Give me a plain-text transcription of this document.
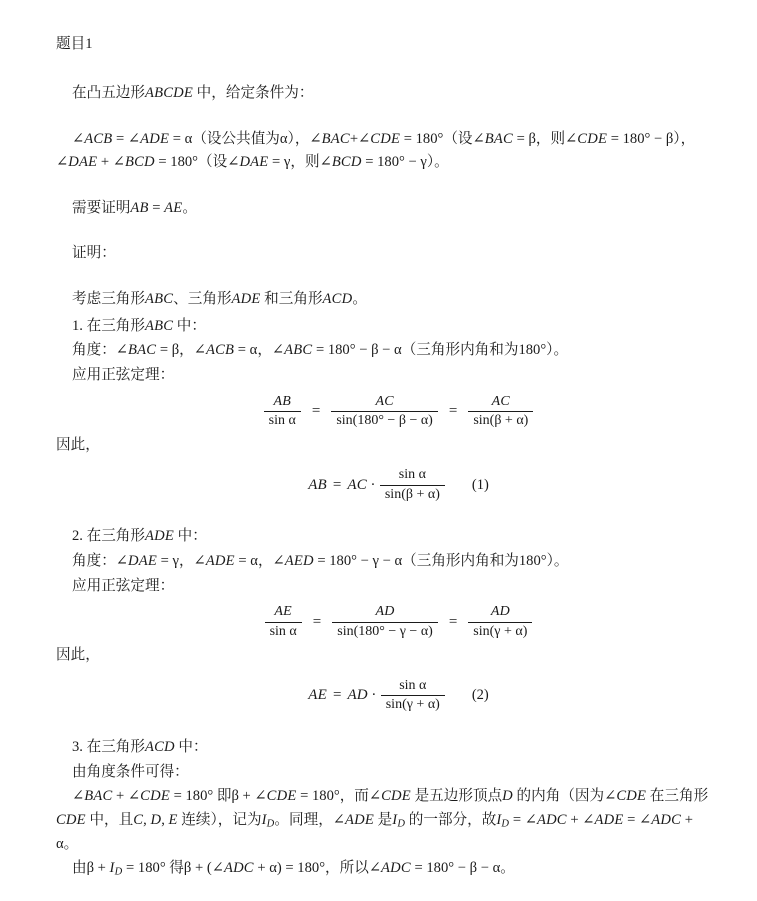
题目1
在凸五边形ABCDE 中，给定条件为：
∠ACB = ∠ADE = α（设公共值为α），∠BAC+∠CDE = 180°（设∠BAC = β，则∠CDE = 180° − β），∠DAE + ∠BCD = 180°（设∠DAE = γ，则∠BCD = 180° − γ）。
需要证明AB = AE。
证明：
考虑三角形ABC、三角形ADE 和三角形ACD。
1. 在三角形ABC 中：
角度：∠BAC = β，∠ACB = α，∠ABC = 180° − β − α（三角形内角和为180°）。
应用正弦定理：
$\frac{AB}{\text{sin α}} = \frac{AC}{\sin(180^\circ - \beta - \alpha)} = \frac{AC}{\sin(\beta + \alpha)}$
因此，
AB = AC · $\frac{\text{sin α}}{\sin(\beta + \alpha)} (1)$
2. 在三角形ADE 中：
角度：∠DAE = γ，∠ADE = α，∠AED = 180° − γ − α（三角形内角和为180°）。
应用正弦定理：
$\frac{AE}{\text{sin α}} = \frac{AD}{\sin(180^\circ - \gamma - \alpha)} = \frac{AD}{\sin(\gamma + \alpha)}$
因此，
AE = AD · $\frac{\text{sin α}}{\sin(\gamma + \alpha)} (2)$
3. 在三角形ACD 中：
由角度条件可得：
∠BAC + ∠CDE = 180° 即β + ∠CDE = 180°，而∠CDE 是五边形顶点D 的内角（因为∠CDE 在三角形CDE 中，且C, D, E 连续），记为$I_D$。同理，∠ADE 是$I_D$ 的一部分，故$I_D$ = ∠ADC + ∠ADE = ∠ADC + α。
由$\beta + I_D = 180^\circ$ 得β + (∠ADC + α) = 180°，所以∠ADC = 180° − β − α。
